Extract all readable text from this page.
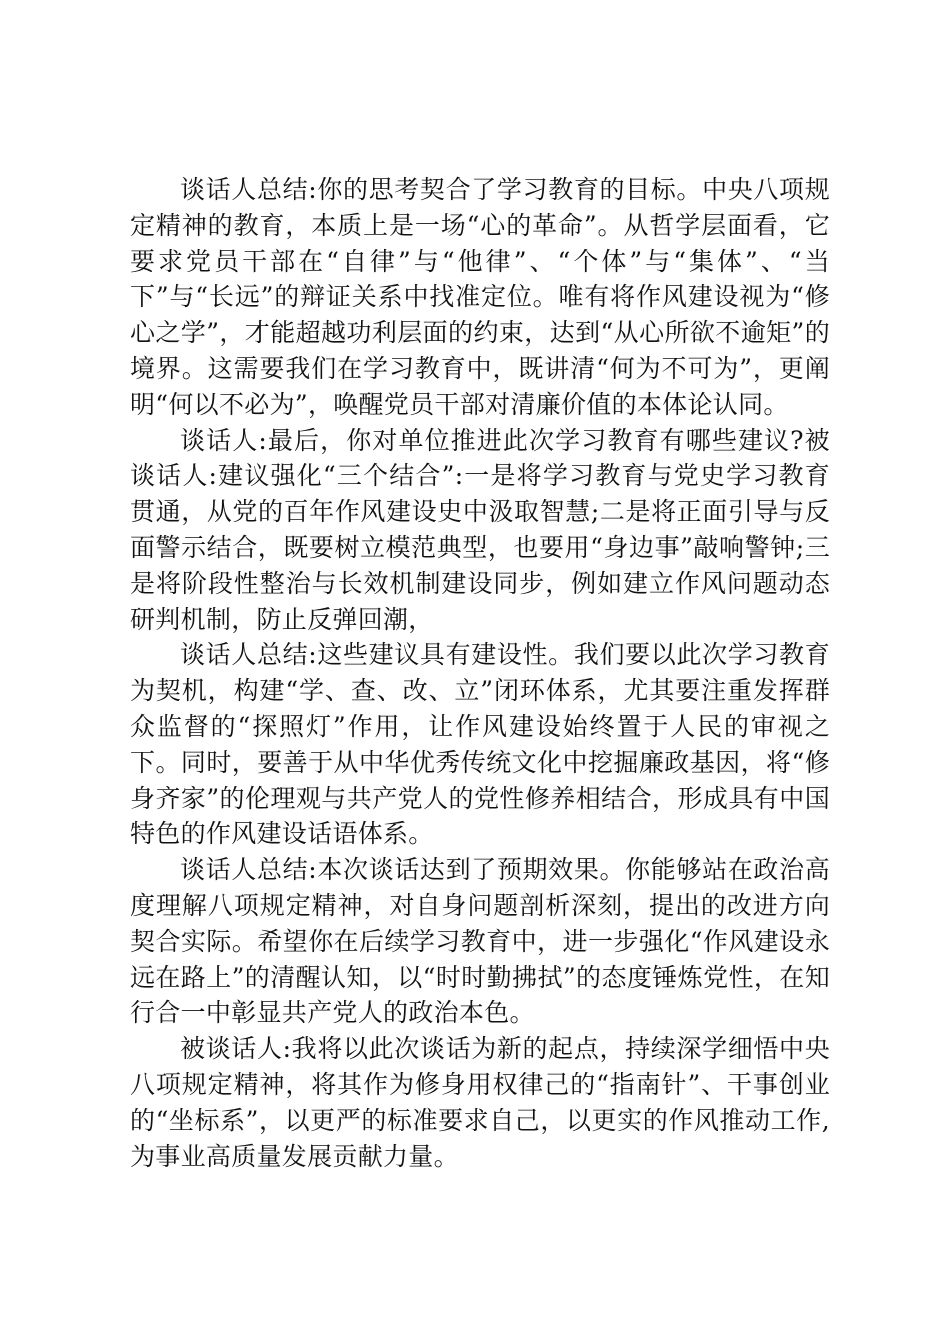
谈话人总结:你的思考契合了学习教育的目标。中央八项规定精神的教育，本质上是一场“心的革命”。从哲学层面看，它要求党员干部在“自律”与“他律”、“个体”与“集体”、“当下”与“长远”的辩证关系中找准定位。唯有将作风建设视为“修心之学”，才能超越功利层面的约束，达到“从心所欲不逾矩”的境界。这需要我们在学习教育中，既讲清“何为不可为”，更阐明“何以不必为”，唤醒党员干部对清廉价值的本体论认同。

谈话人:最后，你对单位推进此次学习教育有哪些建议?被谈话人:建议强化“三个结合”:一是将学习教育与党史学习教育贯通，从党的百年作风建设史中汲取智慧;二是将正面引导与反面警示结合，既要树立模范典型，也要用“身边事”敲响警钟;三是将阶段性整治与长效机制建设同步，例如建立作风问题动态研判机制，防止反弹回潮，

谈话人总结:这些建议具有建设性。我们要以此次学习教育为契机，构建“学、查、改、立”闭环体系，尤其要注重发挥群众监督的“探照灯”作用，让作风建设始终置于人民的审视之下。同时，要善于从中华优秀传统文化中挖掘廉政基因，将“修身齐家”的伦理观与共产党人的党性修养相结合，形成具有中国特色的作风建设话语体系。

谈话人总结:本次谈话达到了预期效果。你能够站在政治高度理解八项规定精神，对自身问题剖析深刻，提出的改进方向契合实际。希望你在后续学习教育中，进一步强化“作风建设永远在路上”的清醒认知，以“时时勤拂拭”的态度锤炼党性，在知行合一中彰显共产党人的政治本色。

被谈话人:我将以此次谈话为新的起点，持续深学细悟中央八项规定精神，将其作为修身用权律己的“指南针”、干事创业的“坐标系”，以更严的标准要求自己，以更实的作风推动工作,为事业高质量发展贡献力量。
